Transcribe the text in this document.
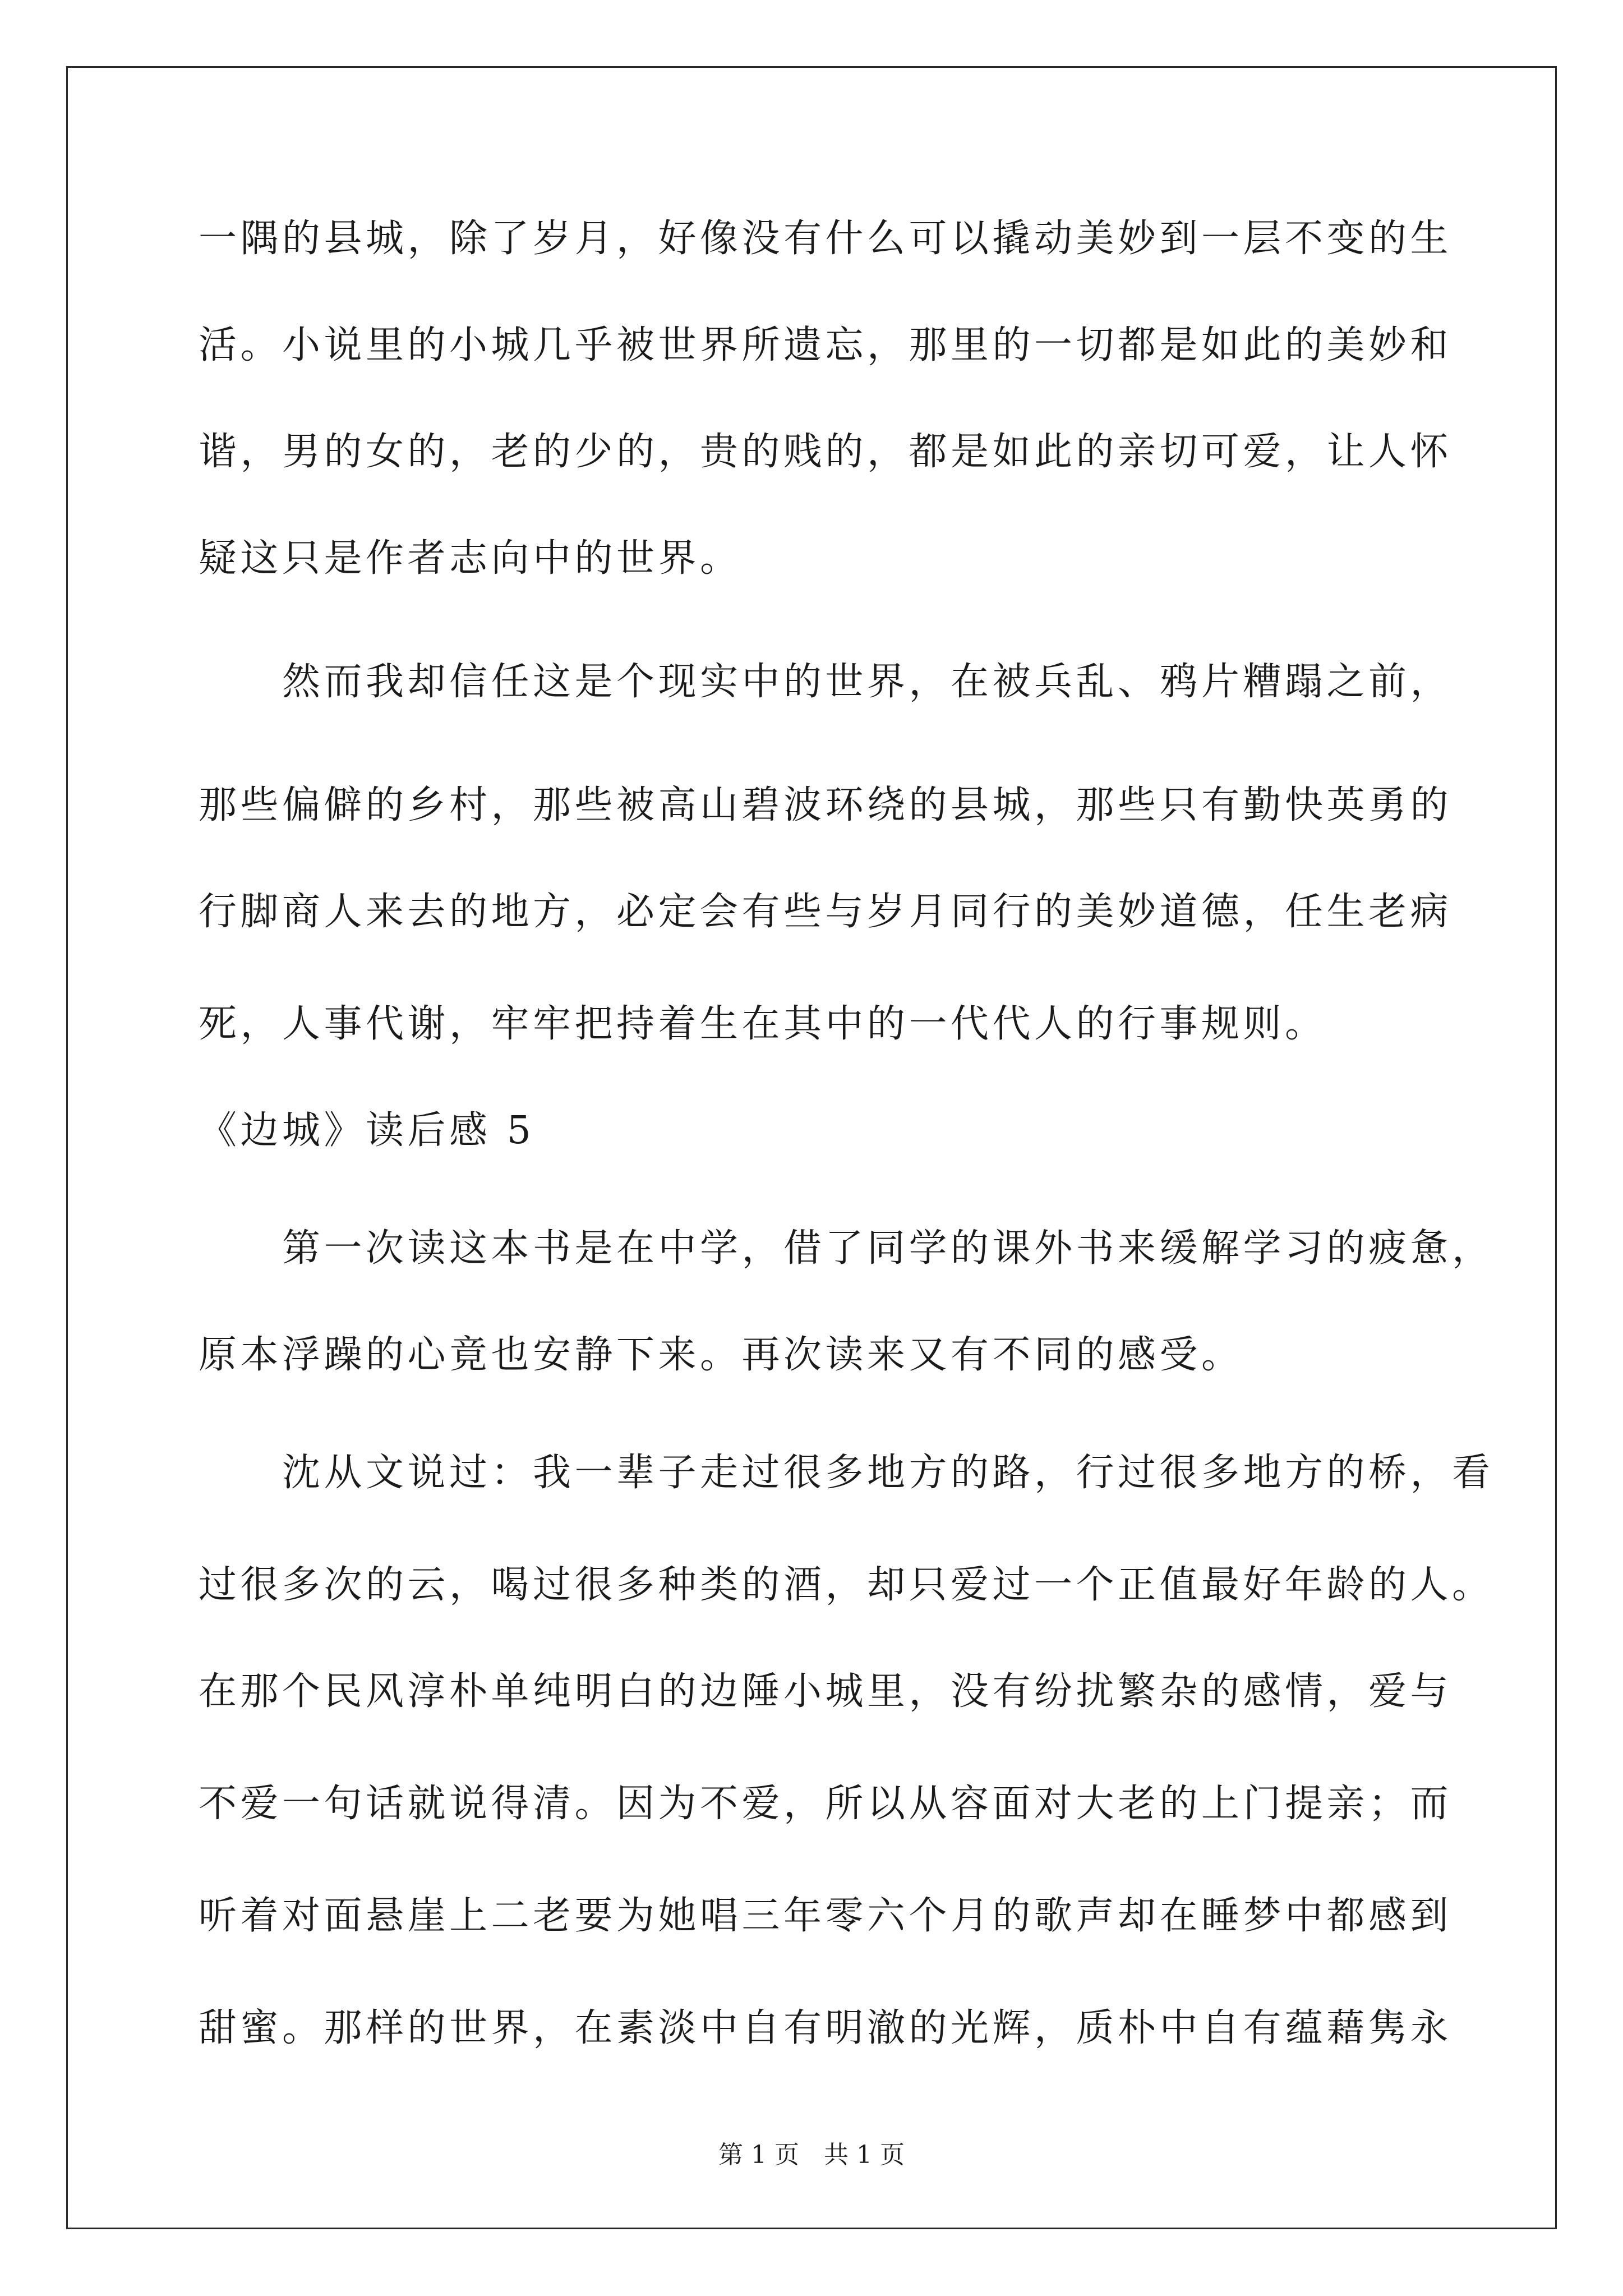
一隅的县城，除了岁月，好像没有什么可以撬动美妙到一层不变的生
活。小说里的小城几乎被世界所遗忘，那里的一切都是如此的美妙和
谐，男的女的，老的少的，贵的贱的，都是如此的亲切可爱，让人怀
疑这只是作者志向中的世界。
　　然而我却信任这是个现实中的世界，在被兵乱、鸦片糟蹋之前，
那些偏僻的乡村，那些被高山碧波环绕的县城，那些只有勤快英勇的
行脚商人来去的地方，必定会有些与岁月同行的美妙道德，任生老病
死，人事代谢，牢牢把持着生在其中的一代代人的行事规则。
《边城》读后感 5
　　第一次读这本书是在中学，借了同学的课外书来缓解学习的疲惫，
原本浮躁的心竟也安静下来。再次读来又有不同的感受。
　　沈从文说过：我一辈子走过很多地方的路，行过很多地方的桥，看
过很多次的云，喝过很多种类的酒，却只爱过一个正值最好年龄的人。
在那个民风淳朴单纯明白的边陲小城里，没有纷扰繁杂的感情，爱与
不爱一句话就说得清。因为不爱，所以从容面对大老的上门提亲；而
听着对面悬崖上二老要为她唱三年零六个月的歌声却在睡梦中都感到
甜蜜。那样的世界，在素淡中自有明澈的光辉，质朴中自有蕴藉隽永
第 1 页　共 1 页
